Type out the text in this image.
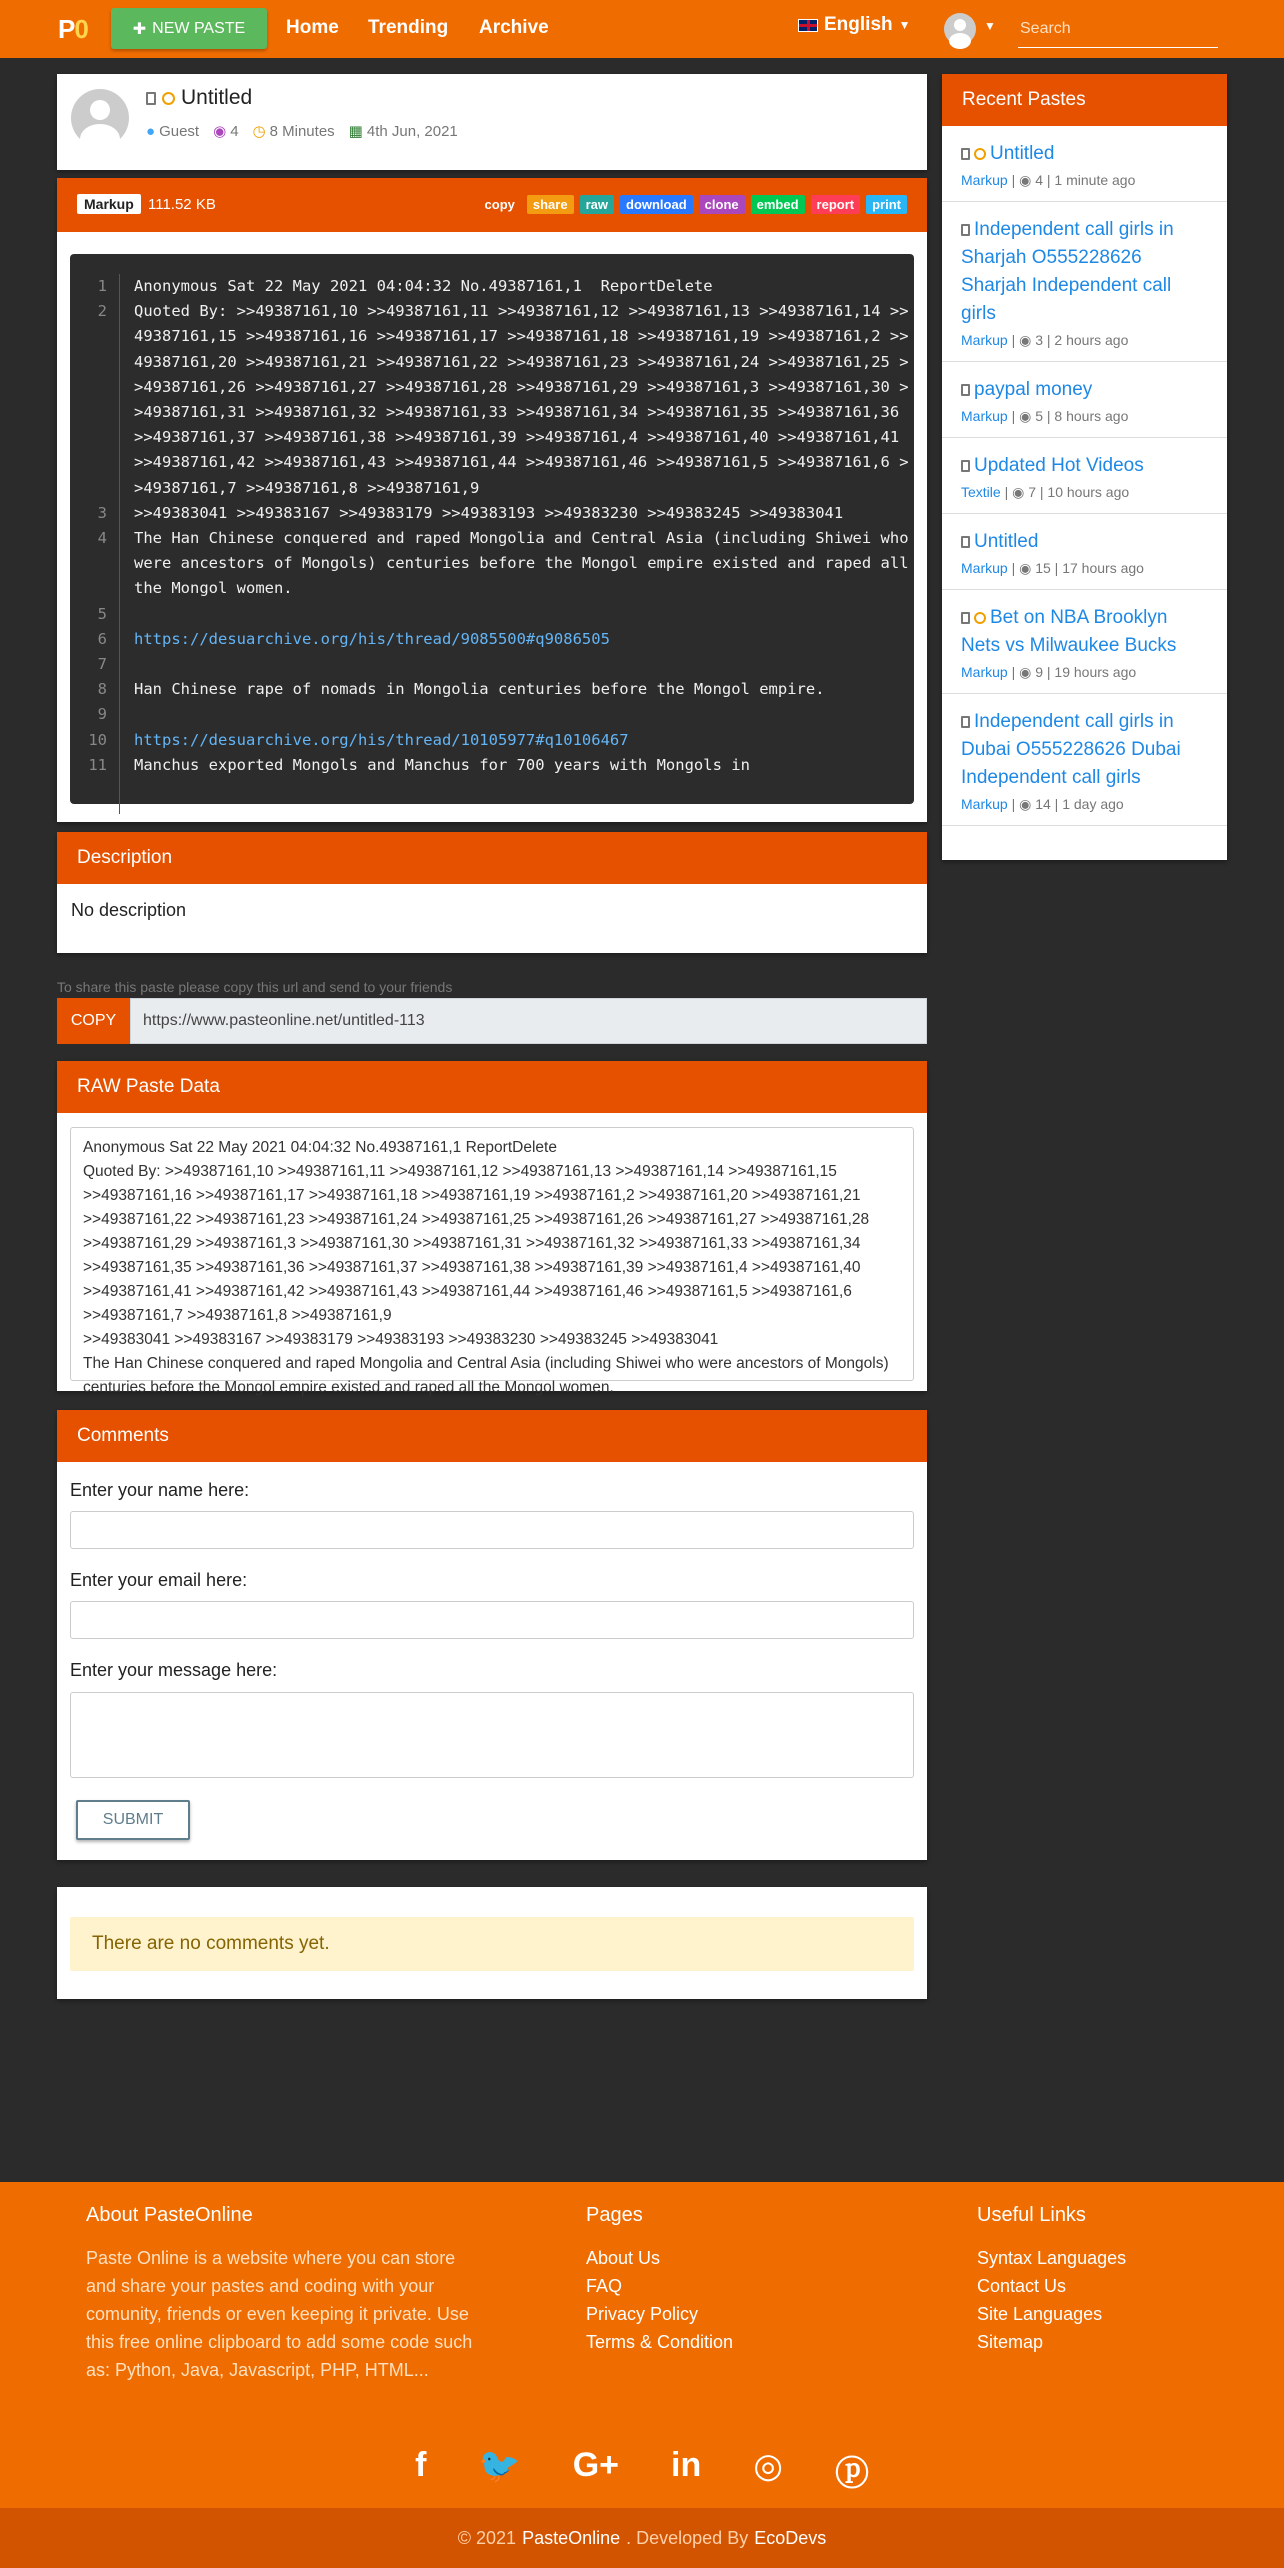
P0	✚ NEW PASTE Home Trending Archive	English ▼	▼
Search
Untitled
● Guest ◉ 4 ◷ 8 Minutes ▦ 4th Jun, 2021
Markup 111.52 KB	copy	share	raw	download	clone	embed	report	print
1
2
3
4
5
6
7
8
9
10
11
Anonymous Sat 22 May 2021 04:04:32 No.49387161,1  ReportDelete
Quoted By: >>49387161,10 >>49387161,11 >>49387161,12 >>49387161,13 >>49387161,14 >>49387161,15 >>49387161,16 >>49387161,17 >>49387161,18 >>49387161,19 >>49387161,2 >>49387161,20 >>49387161,21 >>49387161,22 >>49387161,23 >>49387161,24 >>49387161,25 >>49387161,26 >>49387161,27 >>49387161,28 >>49387161,29 >>49387161,3 >>49387161,30 >>49387161,31 >>49387161,32 >>49387161,33 >>49387161,34 >>49387161,35 >>49387161,36 >>49387161,37 >>49387161,38 >>49387161,39 >>49387161,4 >>49387161,40 >>49387161,41 >>49387161,42 >>49387161,43 >>49387161,44 >>49387161,46 >>49387161,5 >>49387161,6 >>49387161,7 >>49387161,8 >>49387161,9
>>49383041 >>49383167 >>49383179 >>49383193 >>49383230 >>49383245 >>49383041
The Han Chinese conquered and raped Mongolia and Central Asia (including Shiwei who were ancestors of Mongols) centuries before the Mongol empire existed and raped all the Mongol women.

https://desuarchive.org/his/thread/9085500#q9086505

Han Chinese rape of nomads in Mongolia centuries before the Mongol empire.

https://desuarchive.org/his/thread/10105977#q10106467
Manchus exported Mongols and Manchus for 700 years with Mongols in
Description
No description
To share this paste please copy this url and send to your friends
COPY	https://www.pasteonline.net/untitled-113
RAW Paste Data
Anonymous Sat 22 May 2021 04:04:32 No.49387161,1 ReportDelete
Quoted By: >>49387161,10 >>49387161,11 >>49387161,12 >>49387161,13 >>49387161,14 >>49387161,15 >>49387161,16 >>49387161,17 >>49387161,18 >>49387161,19 >>49387161,2 >>49387161,20 >>49387161,21 >>49387161,22 >>49387161,23 >>49387161,24 >>49387161,25 >>49387161,26 >>49387161,27 >>49387161,28 >>49387161,29 >>49387161,3 >>49387161,30 >>49387161,31 >>49387161,32 >>49387161,33 >>49387161,34 >>49387161,35 >>49387161,36 >>49387161,37 >>49387161,38 >>49387161,39 >>49387161,4 >>49387161,40 >>49387161,41 >>49387161,42 >>49387161,43 >>49387161,44 >>49387161,46 >>49387161,5 >>49387161,6 >>49387161,7 >>49387161,8 >>49387161,9
>>49383041 >>49383167 >>49383179 >>49383193 >>49383230 >>49383245 >>49383041
The Han Chinese conquered and raped Mongolia and Central Asia (including Shiwei who were ancestors of Mongols) centuries before the Mongol empire existed and raped all the Mongol women.
Comments
Enter your name here:
Enter your email here:
Enter your message here:
SUBMIT
There are no comments yet.
Recent Pastes
Untitled
Markup | ◉ 4 | 1 minute ago
Independent call girls in Sharjah O555228626 Sharjah Independent call girls
Markup | ◉ 3 | 2 hours ago
paypal money
Markup | ◉ 5 | 8 hours ago
Updated Hot Videos
Textile | ◉ 7 | 10 hours ago
Untitled
Markup | ◉ 15 | 17 hours ago
Bet on NBA Brooklyn Nets vs Milwaukee Bucks
Markup | ◉ 9 | 19 hours ago
Independent call girls in Dubai O555228626 Dubai Independent call girls
Markup | ◉ 14 | 1 day ago
About PasteOnline
Paste Online is a website where you can store and share your pastes and coding with your comunity, friends or even keeping it private. Use this free online clipboard to add some code such as: Python, Java, Javascript, PHP, HTML...
Pages
About Us
FAQ
Privacy Policy
Terms & Condition
Useful Links
Syntax Languages
Contact Us
Site Languages
Sitemap
f 🐦 G+ in ◎ ⓟ
© 2021 PasteOnline . Developed By EcoDevs
